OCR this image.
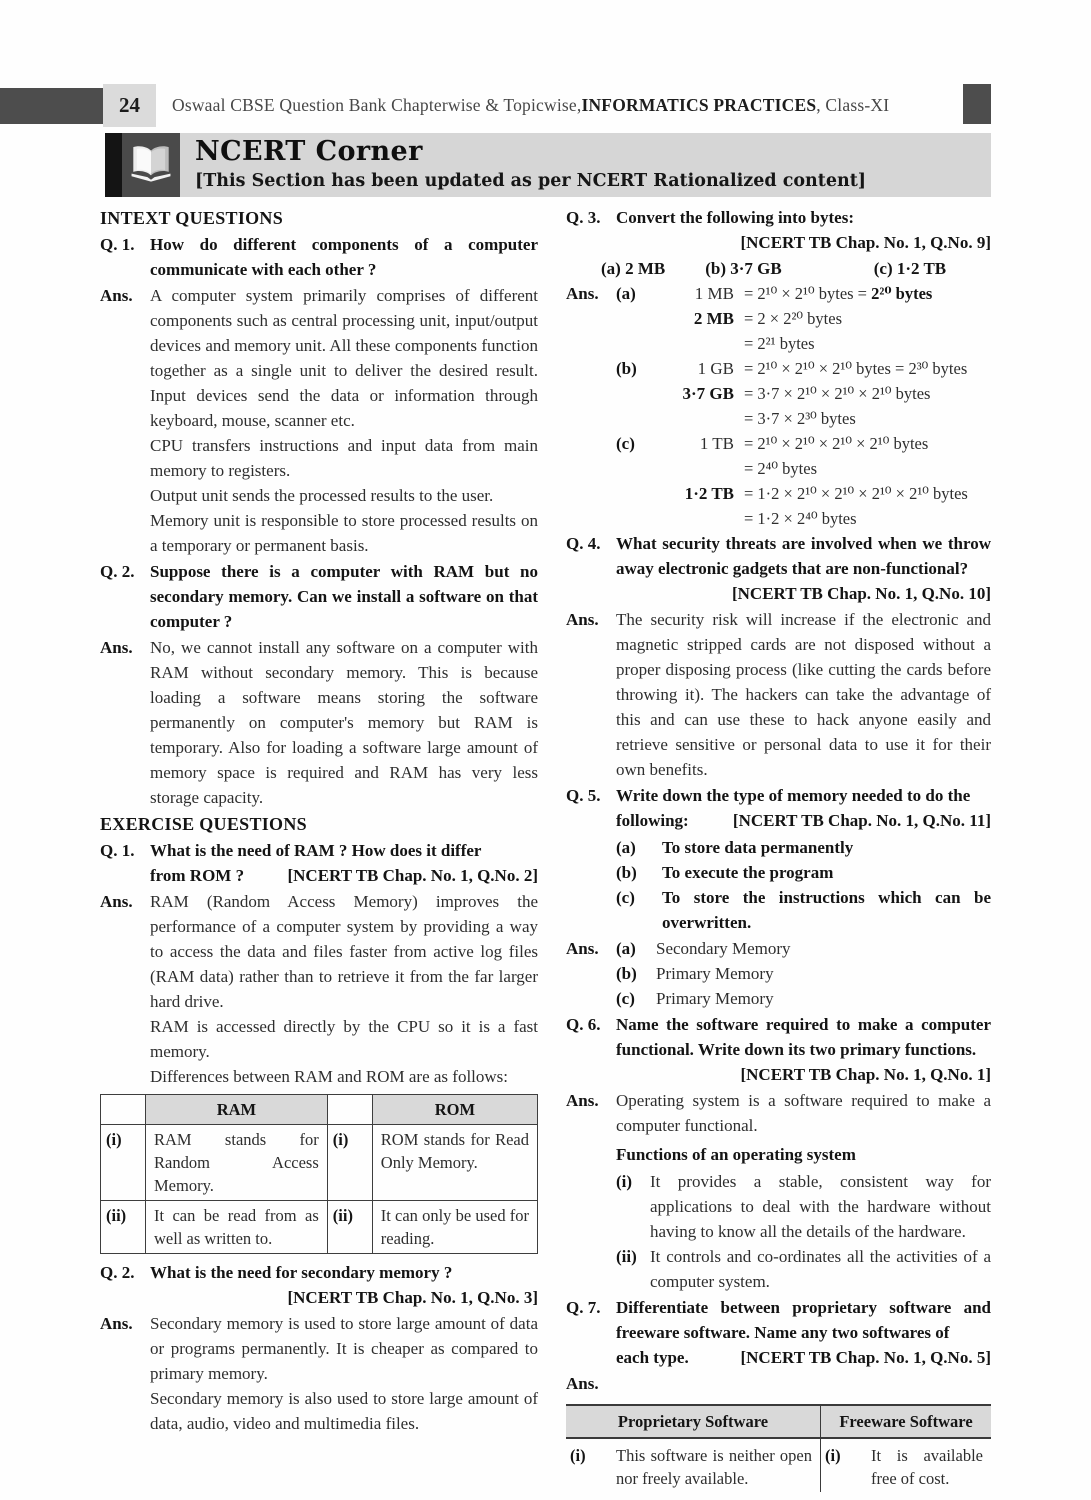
24	Oswaal CBSE Question Bank Chapterwise & Topicwise, INFORMATICS PRACTICES , Class-XI
NCERT Corner
[This Section has been updated as per NCERT Rationalized content]
INTEXT QUESTIONS
Q. 1. How do different components of a computer communicate with each other ?

Ans.	A computer system primarily comprises of different components such as central processing unit, input/output devices and memory unit. All these components function together as a single unit to deliver the desired result. Input devices send the data or information through keyboard, mouse, scanner etc.

CPU transfers instructions and input data from main memory to registers.

Output unit sends the processed results to the user.

Memory unit is responsible to store processed results on a temporary or permanent basis.

Q. 2. Suppose there is a computer with RAM but no secondary memory. Can we install a software on that computer ?

Ans.	No, we cannot install any software on a computer with RAM without secondary memory. This is because loading a software means storing the software permanently on computer's memory but RAM is temporary. Also for loading a software large amount of memory space is required and RAM has very less storage capacity.

EXERCISE QUESTIONS
Q. 1. What is the need of RAM ? How does it differ

from ROM ?	[NCERT TB Chap. No. 1, Q.No. 2]
Ans.	RAM (Random Access Memory) improves the performance of a computer system by providing a way to access the data and files faster from active log files (RAM data) rather than to retrieve it from the far larger hard drive.

RAM is accessed directly by the CPU so it is a fast memory.

Differences between RAM and ROM are as follows:

	RAM		ROM
(i)	RAM stands for Random Access Memory.	(i)	ROM stands for Read Only Memory.
(ii)	It can be read from as well as written to.	(ii)	It can only be used for reading.
Q. 2. What is the need for secondary memory ?

[NCERT TB Chap. No. 1, Q.No. 3]
Ans.	Secondary memory is used to store large amount of data or programs permanently. It is cheaper as compared to primary memory.

Secondary memory is also used to store large amount of data, audio, video and multimedia files.

Q. 3. Convert the following into bytes:

[NCERT TB Chap. No. 1, Q.No. 9]
(a) 2 MB (b) 3·7 GB	(c) 1·2 TB
Ans.	(a)	1 MB = 2¹⁰ × 2¹⁰ bytes = 2²⁰ bytes
2 MB = 2 × 2²⁰ bytes
= 2²¹ bytes
(b)	1 GB = 2¹⁰ × 2¹⁰ × 2¹⁰ bytes = 2³⁰ bytes
3·7 GB = 3·7 × 2¹⁰ × 2¹⁰ × 2¹⁰ bytes
= 3·7 × 2³⁰ bytes
(c)	1 TB = 2¹⁰ × 2¹⁰ × 2¹⁰ × 2¹⁰ bytes
= 2⁴⁰ bytes
1·2 TB = 1·2 × 2¹⁰ × 2¹⁰ × 2¹⁰ × 2¹⁰ bytes
= 1·2 × 2⁴⁰ bytes
Q. 4. What security threats are involved when we throw away electronic gadgets that are non-functional?

[NCERT TB Chap. No. 1, Q.No. 10]
Ans.	The security risk will increase if the electronic and magnetic stripped cards are not disposed without a proper disposing process (like cutting the cards before throwing it). The hackers can take the advantage of this and can use these to hack anyone easily and retrieve sensitive or personal data to use it for their own benefits.

Q. 5. Write down the type of memory needed to do the

following:	[NCERT TB Chap. No. 1, Q.No. 11]
(a)	To store data permanently
(b)	To execute the program
(c)	To store the instructions which can be overwritten.
Ans.	(a)	Secondary Memory
(b)	Primary Memory
(c)	Primary Memory
Q. 6. Name the software required to make a computer functional. Write down its two primary functions.

[NCERT TB Chap. No. 1, Q.No. 1]
Ans.	Operating system is a software required to make a computer functional.

Functions of an operating system
(i)	It provides a stable, consistent way for applications to deal with the hardware without having to know all the details of the hardware.
(ii) It controls and co-ordinates all the activities of a computer system.
Q. 7. Differentiate between proprietary software and freeware software. Name any two softwares of

each type.	[NCERT TB Chap. No. 1, Q.No. 5]
Ans.
Proprietary Software		Freeware Software	
(i)	This software is neither open nor freely available.	(i)	It is available free of cost.
